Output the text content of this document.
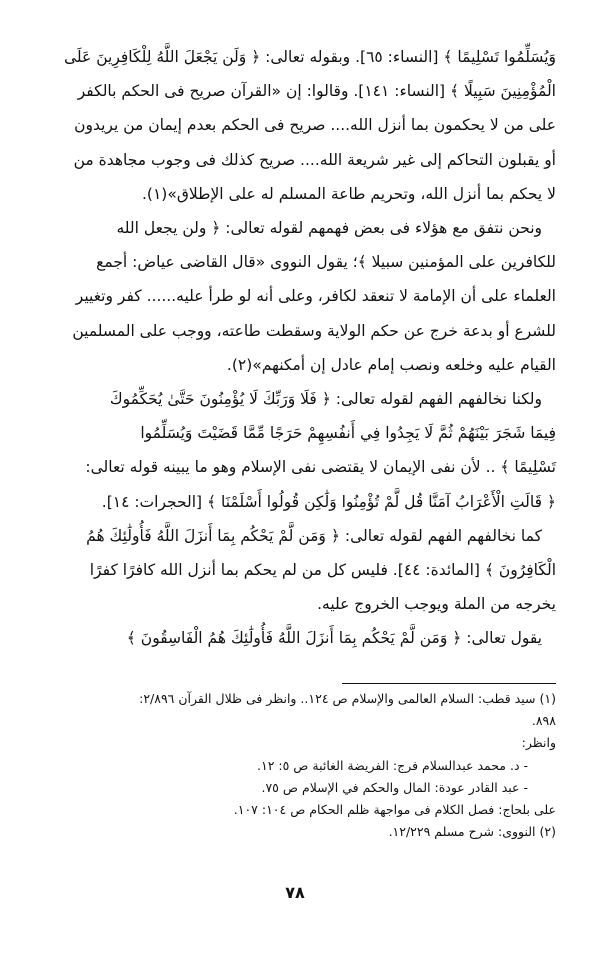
وَيُسَلِّمُوا تَسْلِيمًا ﴾ [النساء: ٦٥]. وبقوله تعالى: ﴿ وَلَن يَجْعَلَ اللَّهُ لِلْكَافِرِينَ عَلَى

الْمُؤْمِنِينَ سَبِيلًا ﴾ [النساء: ١٤١]. وقالوا: إن «القرآن صريح فى الحكم بالكفر

على من لا يحكمون بما أنزل الله.... صريح فى الحكم بعدم إيمان من يريدون

أو يقبلون التحاكم إلى غير شريعة الله.... صريح كذلك فى وجوب مجاهدة من

لا يحكم بما أنزل الله، وتحريم طاعة المسلم له على الإطلاق»(١).

ونحن نتفق مع هؤلاء فى بعض فهمهم لقوله تعالى: ﴿ ولن يجعل الله

للكافرين على المؤمنين سبيلا ﴾؛ يقول النووى «قال القاضى عياض: أجمع

العلماء على أن الإمامة لا تنعقد لكافر، وعلى أنه لو طرأ عليه...... كفر وتغيير

للشرع أو بدعة خرج عن حكم الولاية وسقطت طاعته، ووجب على المسلمين

القيام عليه وخلعه ونصب إمام عادل إن أمكنهم»(٢).

ولكنا نخالفهم الفهم لقوله تعالى: ﴿ فَلَا وَرَبِّكَ لَا يُؤْمِنُونَ حَتَّىٰ يُحَكِّمُوكَ

فِيمَا شَجَرَ بَيْنَهُمْ ثُمَّ لَا يَجِدُوا فِي أَنفُسِهِمْ حَرَجًا مِّمَّا قَضَيْتَ وَيُسَلِّمُوا

تَسْلِيمًا ﴾ .. لأن نفى الإيمان لا يقتضى نفى الإسلام وهو ما يبينه قوله تعالى:

﴿ قَالَتِ الْأَعْرَابُ آمَنَّا قُل لَّمْ تُؤْمِنُوا وَلَٰكِن قُولُوا أَسْلَمْنَا ﴾ [الحجرات: ١٤].

كما نخالفهم الفهم لقوله تعالى: ﴿ وَمَن لَّمْ يَحْكُم بِمَا أَنزَلَ اللَّهُ فَأُولَٰئِكَ هُمُ

الْكَافِرُونَ ﴾ [المائدة: ٤٤]. فليس كل من لم يحكم بما أنزل الله كافرًا كفرًا

يخرجه من الملة ويوجب الخروج عليه.

يقول تعالى: ﴿ وَمَن لَّمْ يَحْكُم بِمَا أَنزَلَ اللَّهُ فَأُولَٰئِكَ هُمُ الْفَاسِقُونَ ﴾

(١) سيد قطب: السلام العالمى والإسلام ص ١٢٤.. وانظر فى ظلال القرآن ٢/٨٩٦:

٨٩٨.

وانظر:

- د. محمد عبدالسلام فرج: الفريضة الغائبة ص ٥: ١٢.

- عبد القادر عودة: المال والحكم في الإسلام ص ٧٥.

على بلحاج: فصل الكلام فى مواجهة ظلم الحكام ص ١٠٤: ١٠٧.

(٢) النووى: شرح مسلم ١٢/٢٢٩.

٧٨
